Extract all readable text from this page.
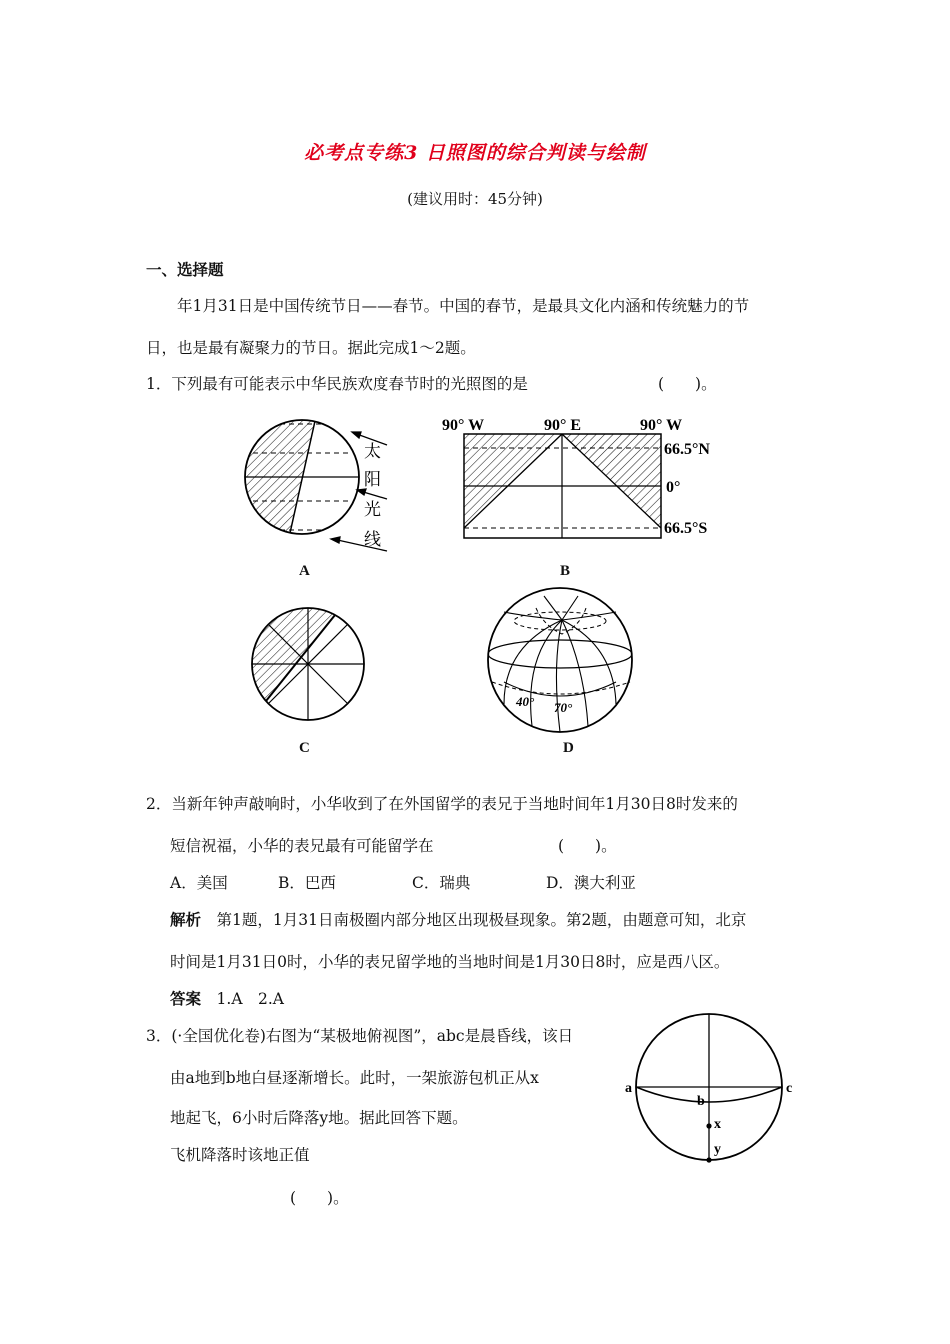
必考点专练3 日照图的综合判读与绘制
(建议用时：45分钟)
一、选择题
年1月31日是中国传统节日——春节。中国的春节，是最具文化内涵和传统魅力的节
日，也是最有凝聚力的节日。据此完成1～2题。
1．下列最有可能表示中华民族欢度春节时的光照图的是	(　　)。
太
阳
光
线
A
90° W	90° E	90° W
66.5°N
0°
66.5°S
B
C
40° 70°
D
2．当新年钟声敲响时，小华收到了在外国留学的表兄于当地时间年1月30日8时发来的
短信祝福，小华的表兄最有可能留学在	(　　)。
A．美国	B．巴西	C．瑞典	D．澳大利亚
解析　 第1题，1月31日南极圈内部分地区出现极昼现象。第2题，由题意可知，北京
时间是1月31日0时，小华的表兄留学地的当地时间是1月30日8时，应是西八区。
答案　 1.A　2.A
3．(·全国优化卷)右图为“某极地俯视图”，abc是晨昏线，该日
由a地到b地白昼逐渐增长。此时，一架旅游包机正从x
地起飞，6小时后降落y地。据此回答下题。
飞机降落时该地正值
(　　)。
a
b
c
x
y
